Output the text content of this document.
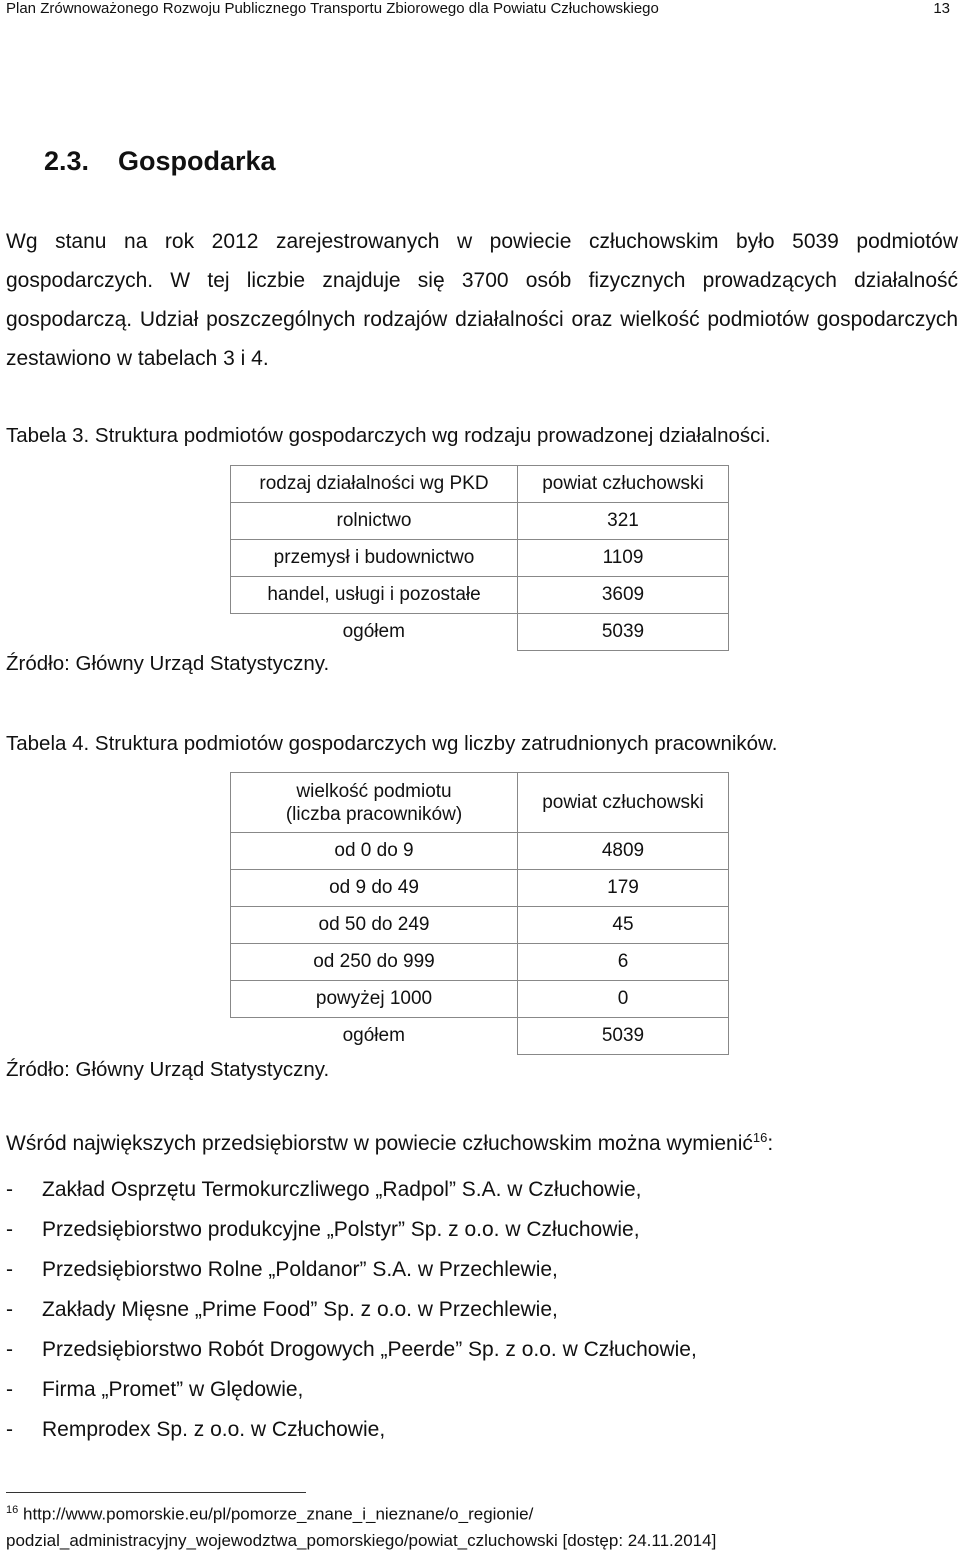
Plan Zrównoważonego Rozwoju Publicznego Transportu Zbiorowego dla Powiatu Człuchowskiego	13
2.3. Gospodarka
Wg stanu na rok 2012 zarejestrowanych w powiecie człuchowskim było 5039 podmiotów gospodarczych. W tej liczbie znajduje się 3700 osób fizycznych prowadzących działalność gospodarczą. Udział poszczególnych rodzajów działalności oraz wielkość podmiotów gospodarczych zestawiono w tabelach 3 i 4.
Tabela 3. Struktura podmiotów gospodarczych wg rodzaju prowadzonej działalności.
rodzaj działalności wg PKD	powiat człuchowski
rolnictwo	321
przemysł i budownictwo	1109
handel, usługi i pozostałe	3609
ogółem	5039
Źródło: Główny Urząd Statystyczny.
Tabela 4. Struktura podmiotów gospodarczych wg liczby zatrudnionych pracowników.
wielkość podmiotu
(liczba pracowników)	powiat człuchowski
od 0 do 9	4809
od 9 do 49	179
od 50 do 249	45
od 250 do 999	6
powyżej 1000	0
ogółem	5039
Źródło: Główny Urząd Statystyczny.
Wśród największych przedsiębiorstw w powiecie człuchowskim można wymienić$^{16}$:
- Zakład Osprzętu Termokurczliwego „Radpol” S.A. w Człuchowie,
- Przedsiębiorstwo produkcyjne „Polstyr” Sp. z o.o. w Człuchowie,
- Przedsiębiorstwo Rolne „Poldanor” S.A. w Przechlewie,
- Zakłady Mięsne „Prime Food” Sp. z o.o. w Przechlewie,
- Przedsiębiorstwo Robót Drogowych „Peerde” Sp. z o.o. w Człuchowie,
- Firma „Promet” w Ględowie,
- Remprodex Sp. z o.o. w Człuchowie,
$^{16}$ http://www.pomorskie.eu/pl/pomorze_znane_i_nieznane/o_regionie/
podzial_administracyjny_wojewodztwa_pomorskiego/powiat_czluchowski [dostęp: 24.11.2014]
